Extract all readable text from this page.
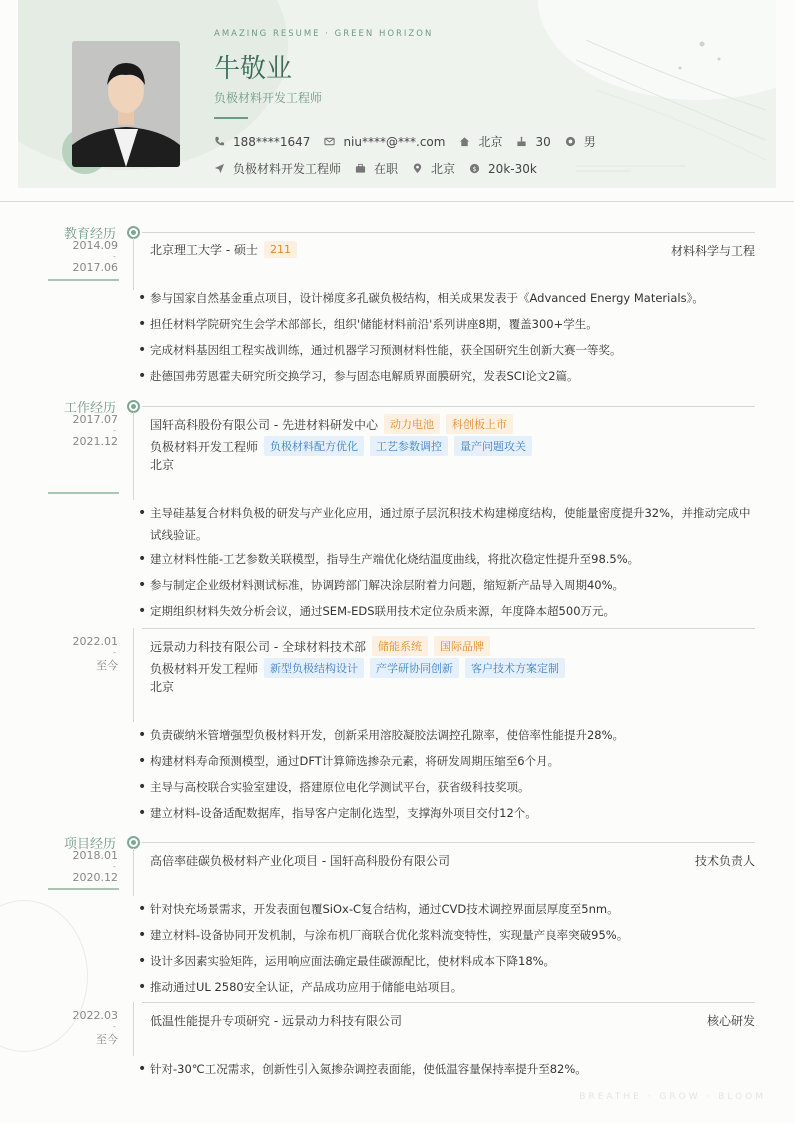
AMAZING RESUME · GREEN HORIZON
牛敬业
负极材料开发工程师
188****1647	niu****@***.com	北京	30	男
负极材料开发工程师	在职	北京 $ 20k-30k
教育经历
2014.09
-
2017.06
北京理工大学 - 硕士	211	材料科学与工程
• 参与国家自然基金重点项目，设计梯度多孔碳负极结构，相关成果发表于《Advanced Energy Materials》。
• 担任材料学院研究生会学术部部长，组织'储能材料前沿'系列讲座8期，覆盖300+学生。
• 完成材料基因组工程实战训练，通过机器学习预测材料性能，获全国研究生创新大赛一等奖。
• 赴德国弗劳恩霍夫研究所交换学习，参与固态电解质界面膜研究，发表SCI论文2篇。
工作经历
2017.07
-
2021.12
国轩高科股份有限公司 - 先进材料研发中心	动力电池	科创板上市
负极材料开发工程师	负极材料配方优化	工艺参数调控	量产问题攻关
北京
• 主导硅基复合材料负极的研发与产业化应用，通过原子层沉积技术构建梯度结构，使能量密度提升32%，并推动完成中试线验证。
• 建立材料性能-工艺参数关联模型，指导生产端优化烧结温度曲线，将批次稳定性提升至98.5%。
• 参与制定企业级材料测试标准，协调跨部门解决涂层附着力问题，缩短新产品导入周期40%。
• 定期组织材料失效分析会议，通过SEM-EDS联用技术定位杂质来源，年度降本超500万元。
2022.01
-
至今
远景动力科技有限公司 - 全球材料技术部	储能系统	国际品牌
负极材料开发工程师	新型负极结构设计	产学研协同创新	客户技术方案定制
北京
• 负责碳纳米管增强型负极材料开发，创新采用溶胶凝胶法调控孔隙率，使倍率性能提升28%。
• 构建材料寿命预测模型，通过DFT计算筛选掺杂元素，将研发周期压缩至6个月。
• 主导与高校联合实验室建设，搭建原位电化学测试平台，获省级科技奖项。
• 建立材料-设备适配数据库，指导客户定制化选型，支撑海外项目交付12个。
项目经历
2018.01
-
2020.12
高倍率硅碳负极材料产业化项目 - 国轩高科股份有限公司	技术负责人
• 针对快充场景需求，开发表面包覆SiOx-C复合结构，通过CVD技术调控界面层厚度至5nm。
• 建立材料-设备协同开发机制，与涂布机厂商联合优化浆料流变特性，实现量产良率突破95%。
• 设计多因素实验矩阵，运用响应面法确定最佳碳源配比，使材料成本下降18%。
• 推动通过UL 2580安全认证，产品成功应用于储能电站项目。
2022.03
-
至今
低温性能提升专项研究 - 远景动力科技有限公司	核心研发
• 针对-30℃工况需求，创新性引入氮掺杂调控表面能，使低温容量保持率提升至82%。
BREATHE · GROW · BLOOM
